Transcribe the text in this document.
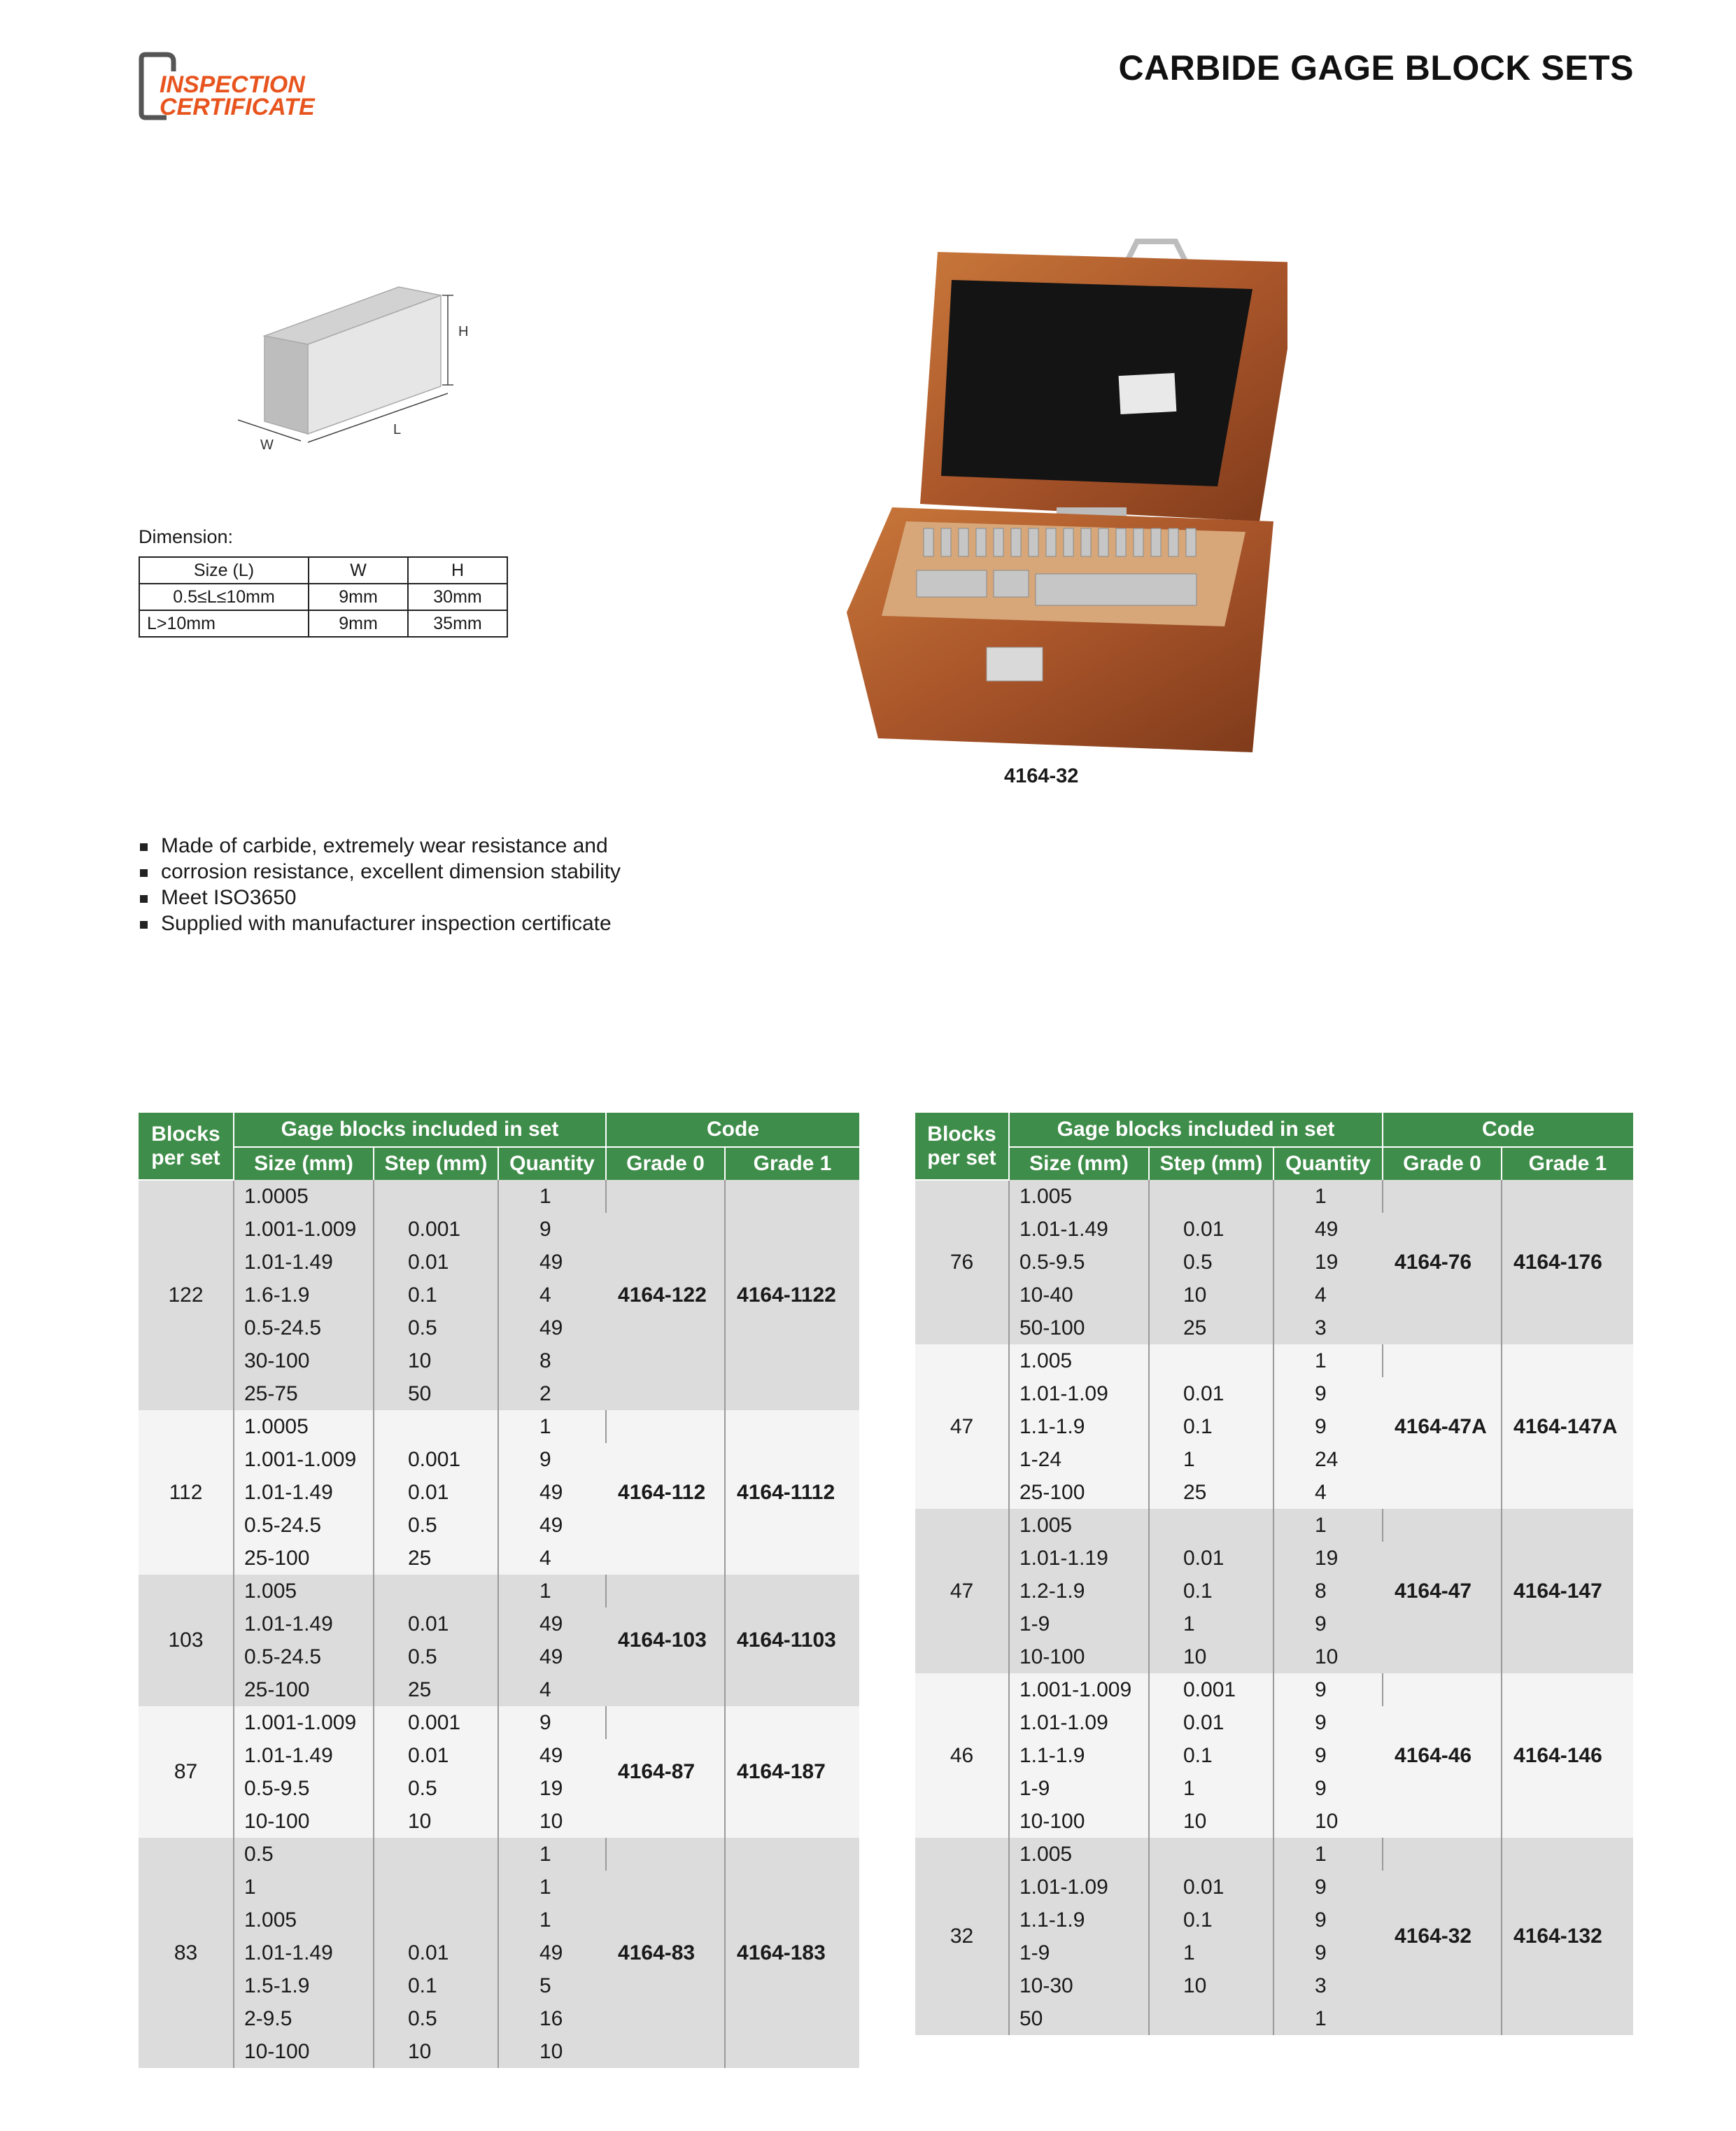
INSPECTION
CERTIFICATE
CARBIDE GAGE BLOCK SETS
H
L
W
Dimension:
Size (L)	W	H
0.5≤L≤10mm	9mm	30mm
L>10mm	9mm	35mm
4164-32
Made of carbide, extremely wear resistance and
corrosion resistance, excellent dimension stability
Meet ISO3650
Supplied with manufacturer inspection certificate
Blocks
per set	Gage blocks included in set			Code	
	Size (mm)	Step (mm)	Quantity	Grade 0	Grade 1
122	1.0005		1	4164-122	4164-1122
	1.001-1.009	0.001	9		
	1.01-1.49	0.01	49		
	1.6-1.9	0.1	4		
	0.5-24.5	0.5	49		
	30-100	10	8		
	25-75	50	2		
112	1.0005		1	4164-112	4164-1112
	1.001-1.009	0.001	9		
	1.01-1.49	0.01	49		
	0.5-24.5	0.5	49		
	25-100	25	4		
103	1.005		1	4164-103	4164-1103
	1.01-1.49	0.01	49		
	0.5-24.5	0.5	49		
	25-100	25	4		
87	1.001-1.009	0.001	9	4164-87	4164-187
	1.01-1.49	0.01	49		
	0.5-9.5	0.5	19		
	10-100	10	10		
83	0.5		1	4164-83	4164-183
	1		1		
	1.005		1		
	1.01-1.49	0.01	49		
	1.5-1.9	0.1	5		
	2-9.5	0.5	16		
	10-100	10	10		
Blocks
per set	Gage blocks included in set			Code	
	Size (mm)	Step (mm)	Quantity	Grade 0	Grade 1
76	1.005		1	4164-76	4164-176
	1.01-1.49	0.01	49		
	0.5-9.5	0.5	19		
	10-40	10	4		
	50-100	25	3		
47	1.005		1	4164-47A	4164-147A
	1.01-1.09	0.01	9		
	1.1-1.9	0.1	9		
	1-24	1	24		
	25-100	25	4		
47	1.005		1	4164-47	4164-147
	1.01-1.19	0.01	19		
	1.2-1.9	0.1	8		
	1-9	1	9		
	10-100	10	10		
46	1.001-1.009	0.001	9	4164-46	4164-146
	1.01-1.09	0.01	9		
	1.1-1.9	0.1	9		
	1-9	1	9		
	10-100	10	10		
32	1.005		1	4164-32	4164-132
	1.01-1.09	0.01	9		
	1.1-1.9	0.1	9		
	1-9	1	9		
	10-30	10	3		
	50		1		
